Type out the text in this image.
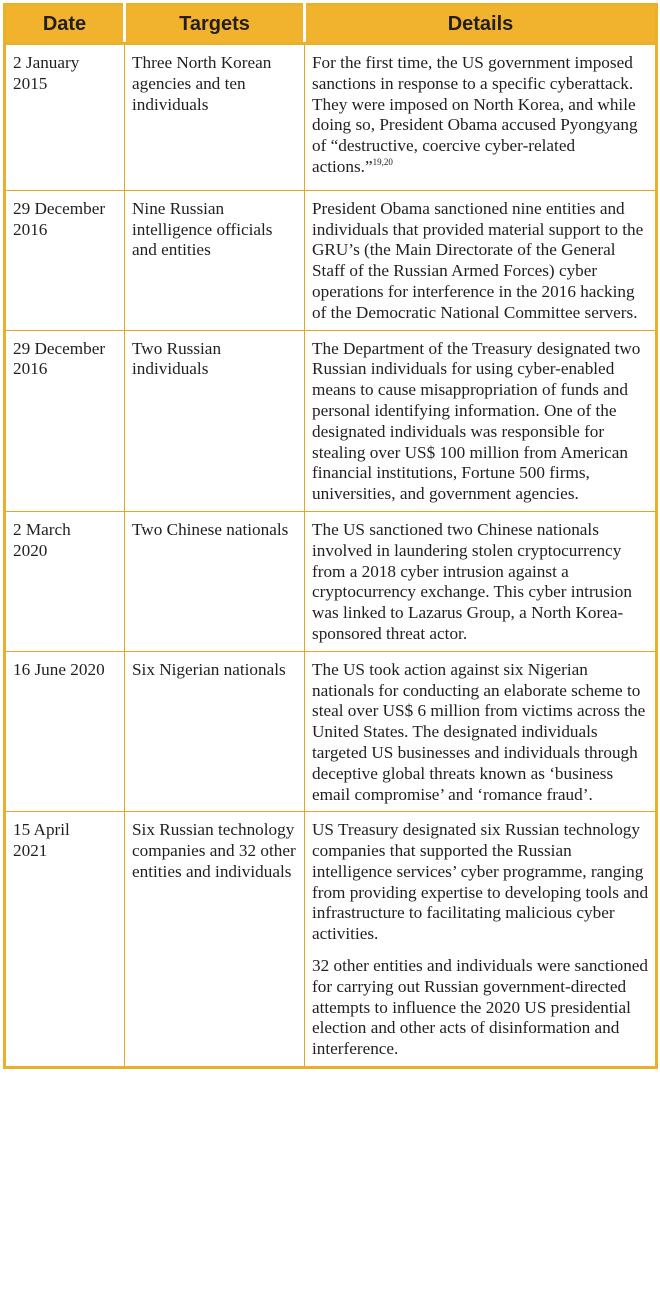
Date	Targets	Details
2 January 2015	Three North Korean agencies and ten individuals	For the first time, the US government imposed sanctions in response to a specific cyberattack. They were imposed on North Korea, and while doing so, President Obama accused Pyongyang of “destructive, coercive cyber-related actions.”$^{19,20}$

29 December 2016	Nine Russian intelligence officials and entities	President Obama sanctioned nine entities and individuals that provided material support to the GRU’s (the Main Directorate of the General Staff of the Russian Armed Forces) cyber operations for interference in the 2016 hacking of the Democratic National Committee servers.

29 December 2016	Two Russian individuals	The Department of the Treasury designated two Russian individuals for using cyber-enabled means to cause misappropriation of funds and personal identifying information. One of the designated individuals was responsible for stealing over US$ 100 million from American financial institutions, Fortune 500 firms, universities, and government agencies.

2 March 2020	Two Chinese nationals	The US sanctioned two Chinese nationals involved in laundering stolen cryptocurrency from a 2018 cyber intrusion against a cryptocurrency exchange. This cyber intrusion was linked to Lazarus Group, a North Korea-sponsored threat actor.

16 June 2020	Six Nigerian nationals	The US took action against six Nigerian nationals for conducting an elaborate scheme to steal over US$ 6 million from victims across the United States. The designated individuals targeted US businesses and individuals through deceptive global threats known as ‘business email compromise’ and ‘romance fraud’.

15 April 2021	Six Russian technology companies and 32 other entities and individuals	US Treasury designated six Russian technology companies that supported the Russian intelligence services’ cyber programme, ranging from providing expertise to developing tools and infrastructure to facilitating malicious cyber activities.

32 other entities and individuals were sanctioned for carrying out Russian government-directed attempts to influence the 2020 US presidential election and other acts of disinformation and interference.
